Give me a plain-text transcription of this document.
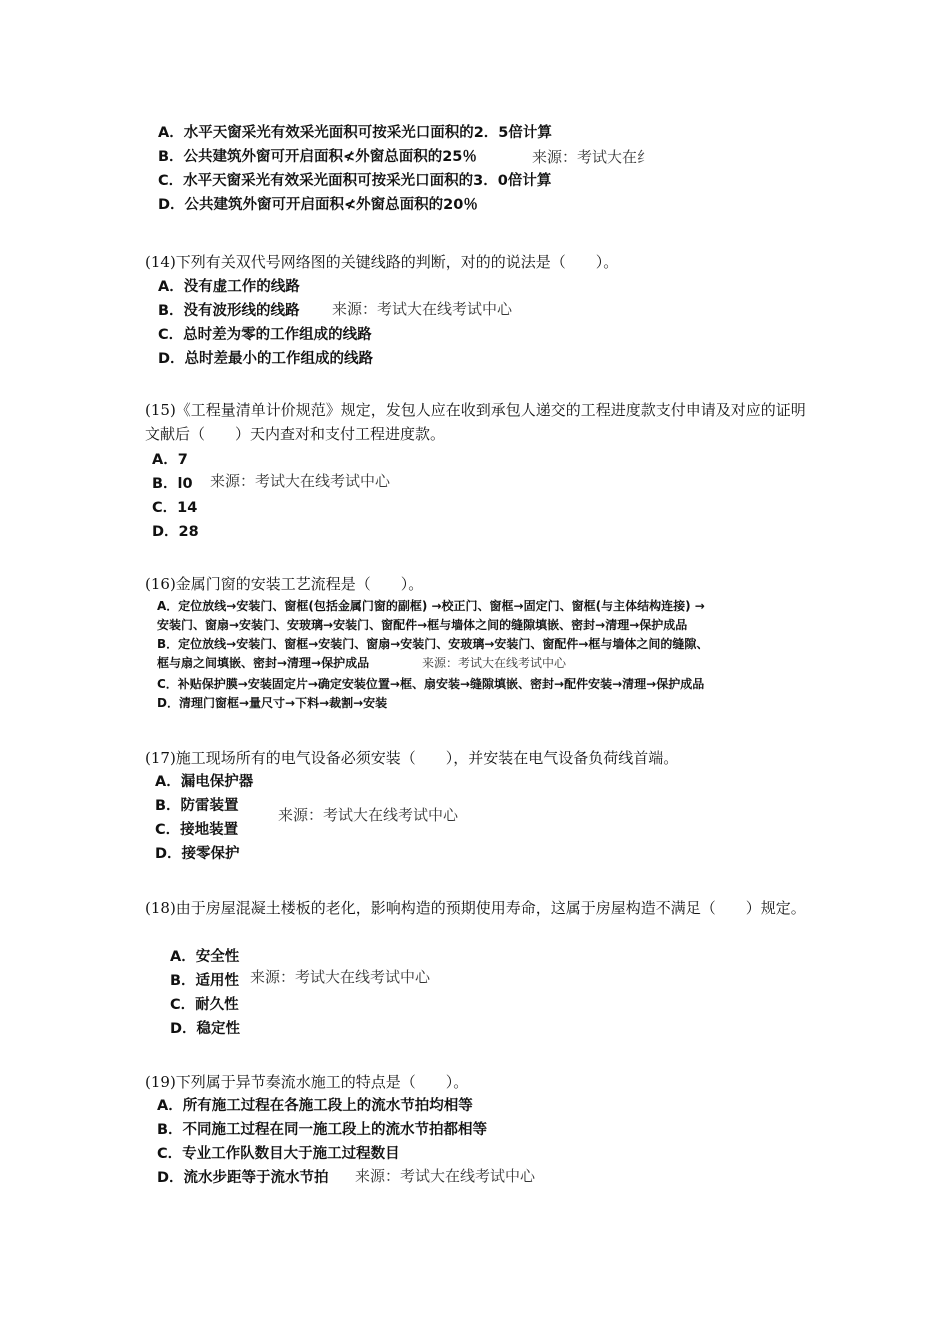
A．水平天窗采光有效采光面积可按采光口面积的2．5倍计算
B．公共建筑外窗可开启面积≮外窗总面积的25％	来源：考试大在纟
C．水平天窗采光有效采光面积可按采光口面积的3．0倍计算
D．公共建筑外窗可开启面积≮外窗总面积的20％
(14)下列有关双代号网络图的关键线路的判断，对的的说法是（　　）。
A．没有虚工作的线路
B．没有波形线的线路 来源：考试大在线考试中心
C．总时差为零的工作组成的线路
D．总时差最小的工作组成的线路
(15)《工程量清单计价规范》规定，发包人应在收到承包人递交的工程进度款支付申请及对应的证明文献后（　　）天内查对和支付工程进度款。
A．7
B．l0 来源：考试大在线考试中心
C．14
D．28
(16)金属门窗的安装工艺流程是（　　）。
A．定位放线→安装门、窗框(包括金属门窗的副框) →校正门、窗框→固定门、窗框(与主体结构连接) →
安装门、窗扇→安装门、安玻璃→安装门、窗配件→框与墙体之间的缝隙填嵌、密封→清理→保护成品
B．定位放线→安装门、窗框→安装门、窗扇→安装门、安玻璃→安装门、窗配件→框与墙体之间的缝隙、
框与扇之间填嵌、密封→清理→保护成品	来源：考试大在线考试中心
C．补贴保护膜→安装固定片→确定安装位置→框、扇安装→缝隙填嵌、密封→配件安装→清理→保护成品
D．清理门窗框→量尺寸→下料→裁割→安装
(17)施工现场所有的电气设备必须安装（　　），并安装在电气设备负荷线首端。
A．漏电保护器
B．防雷装置	来源：考试大在线考试中心
C．接地装置
D．接零保护
(18)由于房屋混凝土楼板的老化，影响构造的预期使用寿命，这属于房屋构造不满足（　　）规定。
A．安全性
B．适用性 来源：考试大在线考试中心
C．耐久性
D．稳定性
(19)下列属于异节奏流水施工的特点是（　　）。
A．所有施工过程在各施工段上的流水节拍均相等
B．不同施工过程在同一施工段上的流水节拍都相等
C．专业工作队数目大于施工过程数目
D．流水步距等于流水节拍 来源：考试大在线考试中心
